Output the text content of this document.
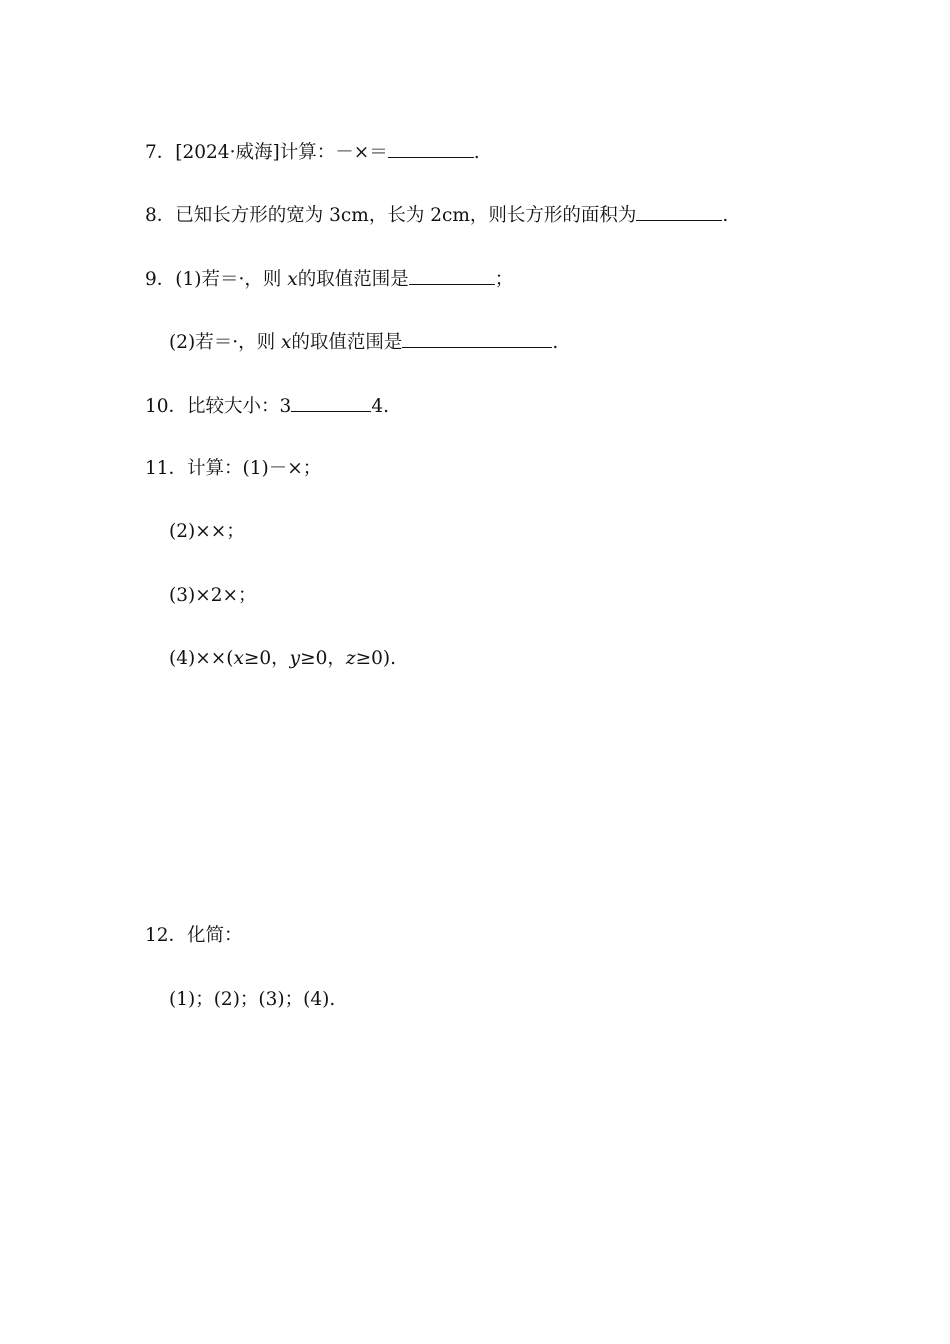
7．[2024·威海]计算：－×＝	.
8．已知长方形的宽为 3cm，长为 2cm，则长方形的面积为	.
9．(1)若＝·，则 x的取值范围是	；
(2)若＝·，则 x的取值范围是	.
10．比较大小：3	4.
11．计算：(1)－×；
(2)××；
(3)×2×；
(4)××(x≥0，y≥0，z≥0).
12．化简：
(1)；(2)；(3)；(4).
